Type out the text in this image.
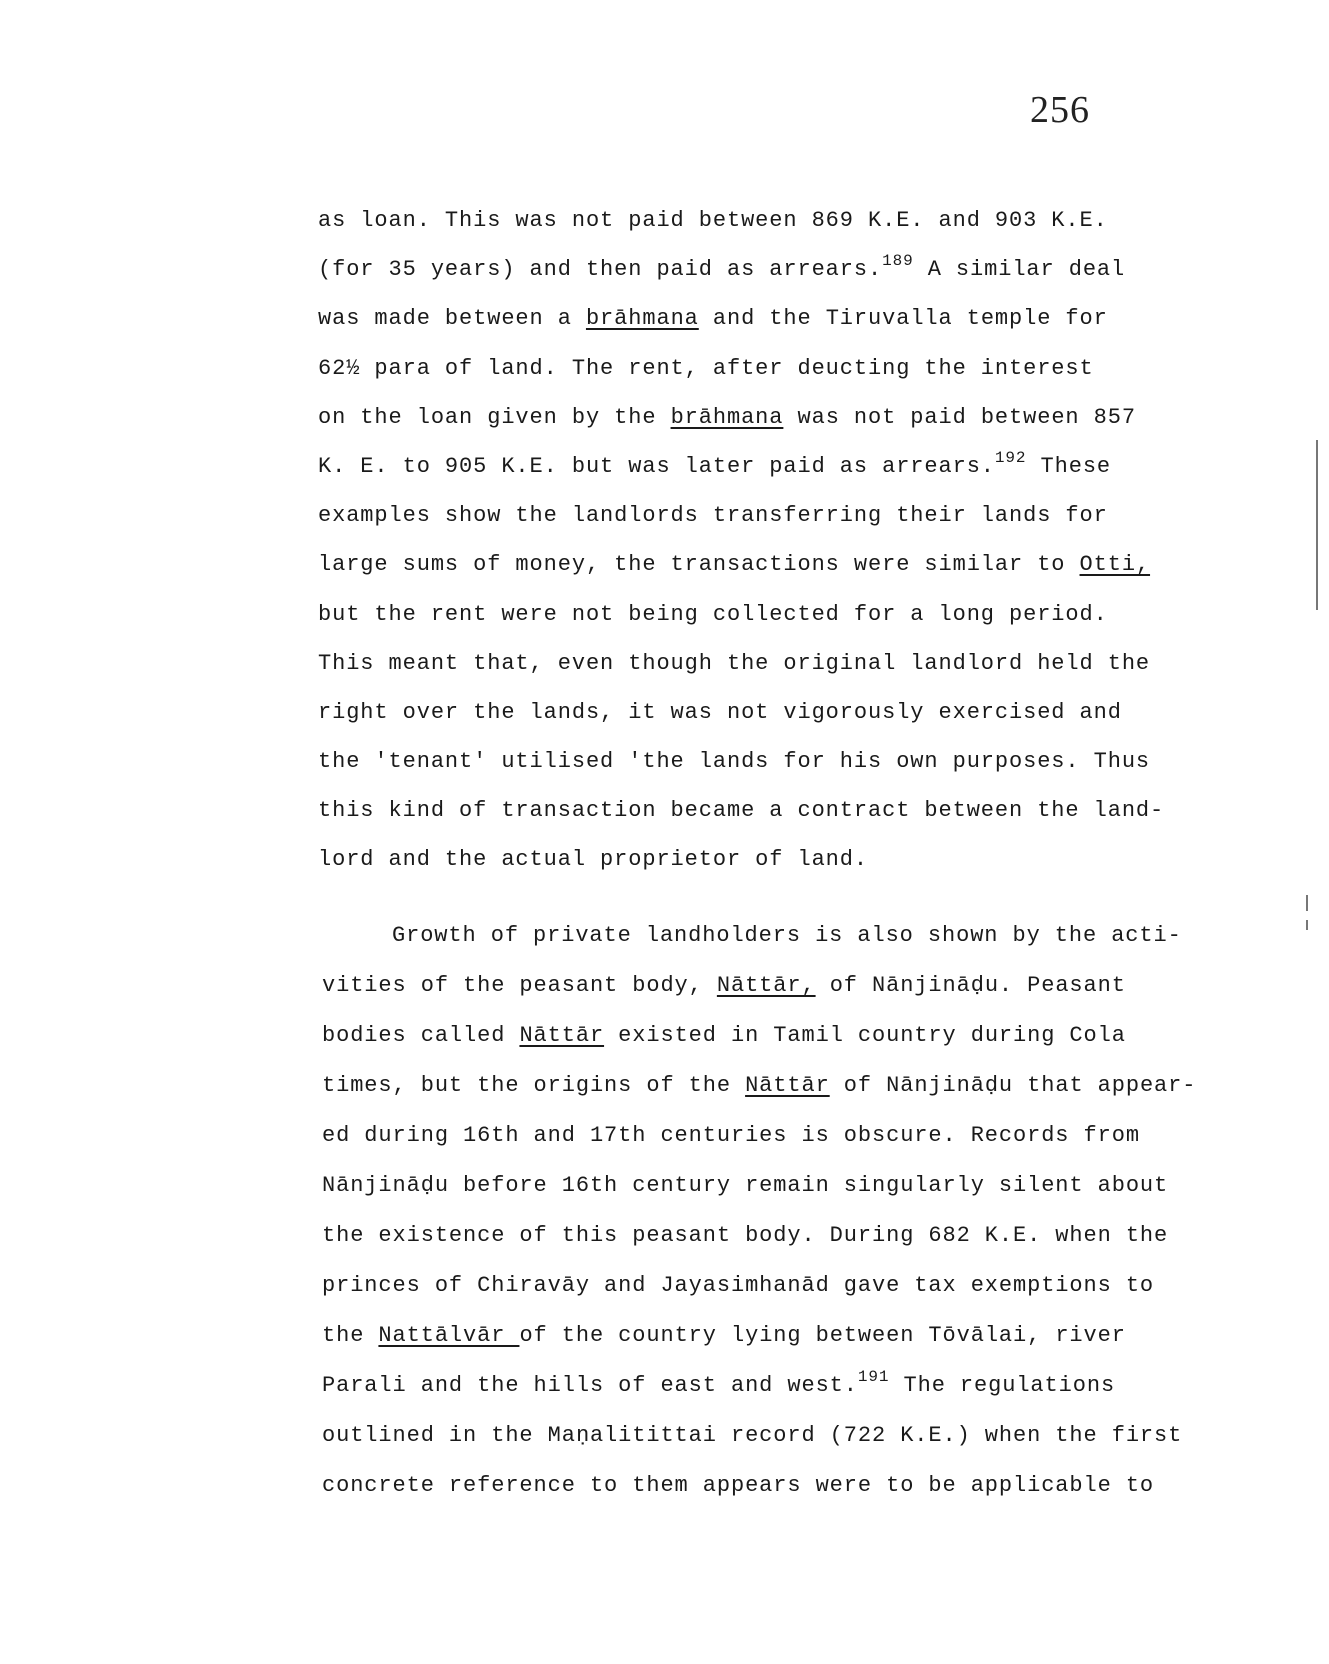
256
as loan. This was not paid between 869 K.E. and 903 K.E.
(for 35 years) and then paid as arrears.$^{189}$ A similar deal
was made between a brāhmana and the Tiruvalla temple for
62½ para of land. The rent, after deucting the interest
on the loan given by the brāhmana was not paid between 857
K. E. to 905 K.E. but was later paid as arrears.$^{192}$ These
examples show the landlords transferring their lands for
large sums of money, the transactions were similar to Otti,
but the rent were not being collected for a long period.
This meant that, even though the original landlord held the
right over the lands, it was not vigorously exercised and
the 'tenant' utilised 'the lands for his own purposes. Thus
this kind of transaction became a contract between the land-
lord and the actual proprietor of land.
Growth of private landholders is also shown by the acti-
vities of the peasant body, Nāttār, of Nānjināḍu. Peasant
bodies called Nāttār existed in Tamil country during Cola
times, but the origins of the Nāttār of Nānjināḍu that appear-
ed during 16th and 17th centuries is obscure. Records from
Nānjināḍu before 16th century remain singularly silent about
the existence of this peasant body. During 682 K.E. when the
princes of Chiravāy and Jayasimhanād gave tax exemptions to
the Nattālvār of the country lying between Tōvālai, river
Parali and the hills of east and west.$^{191}$ The regulations
outlined in the Maṇalitittai record (722 K.E.) when the first
concrete reference to them appears were to be applicable to
